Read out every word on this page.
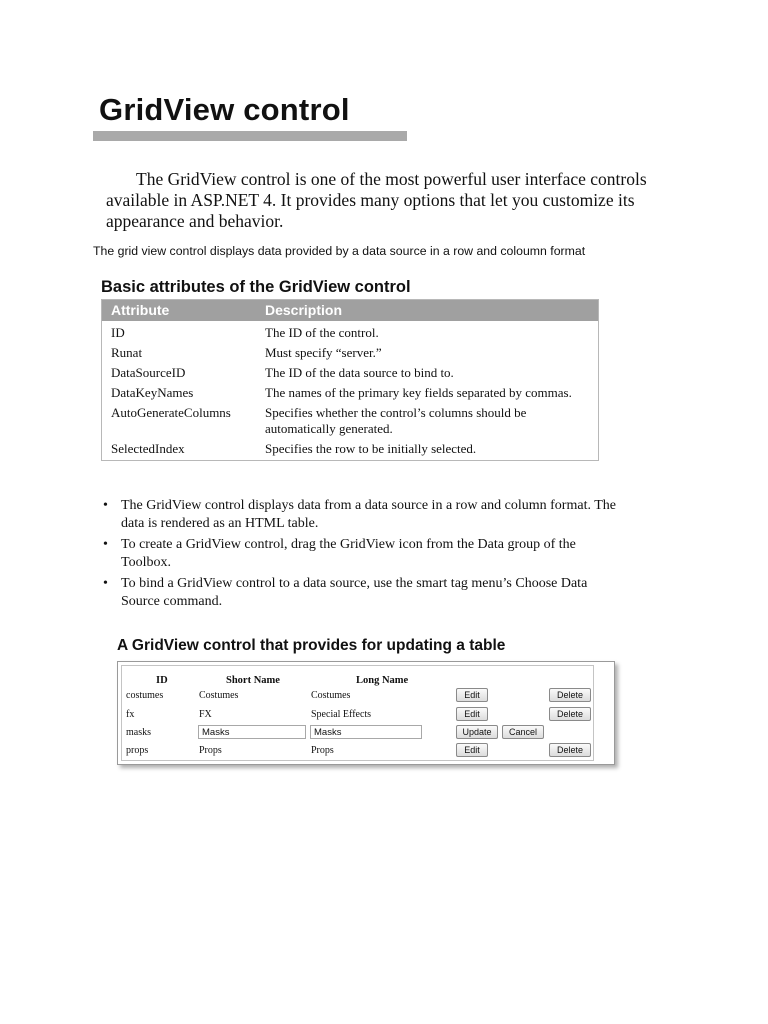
GridView control
The GridView control is one of the most powerful user interface controls
available in ASP.NET 4. It provides many options that let you customize its
appearance and behavior.
The grid view control displays data provided by a data source in a row and coloumn format
Basic attributes of the GridView control
Attribute	Description
ID	The ID of the control.
Runat	Must specify “server.”
DataSourceID	The ID of the data source to bind to.
DataKeyNames	The names of the primary key fields separated by commas.
AutoGenerateColumns	Specifies whether the control’s columns should be
automatically generated.
SelectedIndex	Specifies the row to be initially selected.
• The GridView control displays data from a data source in a row and column format. The
data is rendered as an HTML table.
• To create a GridView control, drag the GridView icon from the Data group of the
Toolbox.
• To bind a GridView control to a data source, use the smart tag menu’s Choose Data
Source command.
A GridView control that provides for updating a table
ID	Short Name	Long Name
costumes	Costumes	Costumes	Edit	Delete
fx	FX	Special Effects	Edit	Delete
masks	Masks	Masks	Update	Cancel
props	Props	Props	Edit	Delete
